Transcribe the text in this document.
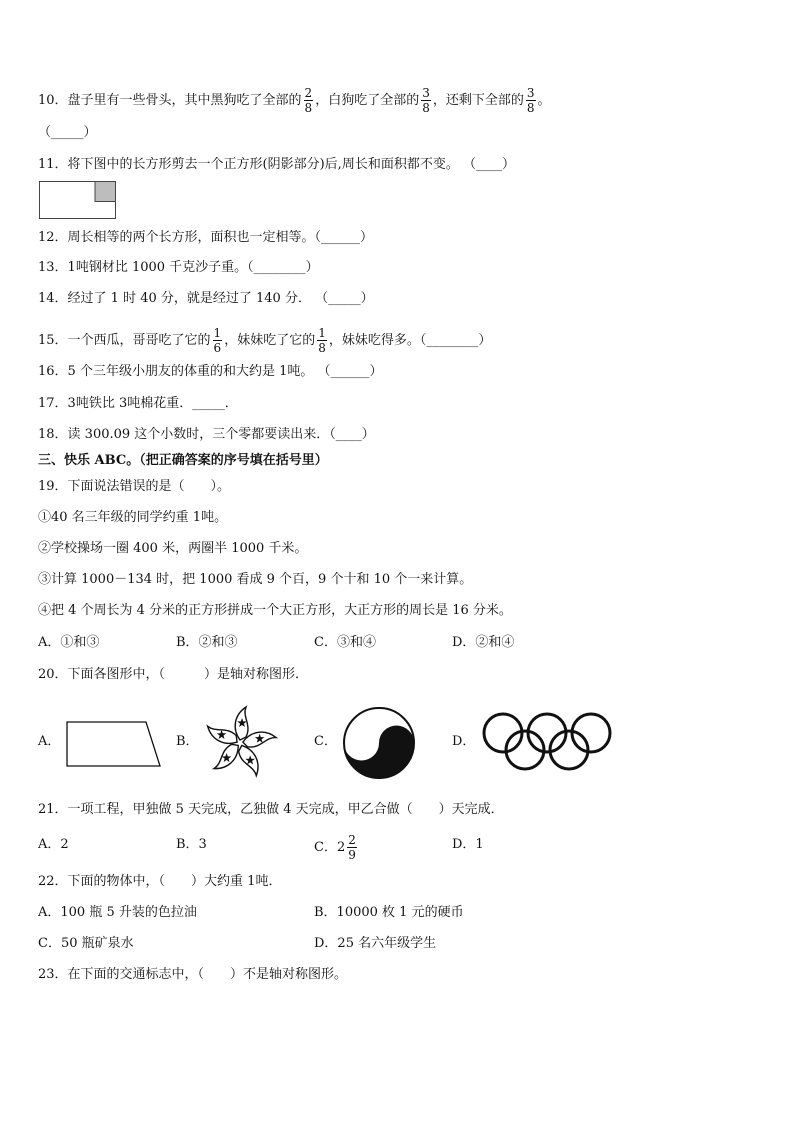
10．盘子里有一些骨头，其中黑狗吃了全部的 $\frac{2}{8}$ ，白狗吃了全部的 $\frac{3}{8}$ ，还剩下全部的 $\frac{3}{8}$ 。
（_____）
11．将下图中的长方形剪去一个正方形(阴影部分)后,周长和面积都不变。 （____）
12．周长相等的两个长方形，面积也一定相等。（______）
13．1吨钢材比 1000 千克沙子重。（________）
14．经过了 1 时 40 分，就是经过了 140 分． （_____）
15．一个西瓜，哥哥吃了它的 $\frac{1}{6}$ ，妹妹吃了它的 $\frac{1}{8}$ ，妹妹吃得多。（________）
16．5 个三年级小朋友的体重的和大约是 1吨。 （______）
17．3吨铁比 3吨棉花重．_____．
18．读 300.09 这个小数时，三个零都要读出来．（____）
三、快乐 ABC。（把正确答案的序号填在括号里）
19．下面说法错误的是（　　）。
①40 名三年级的同学约重 1吨。
②学校操场一圈 400 米，两圈半 1000 千米。
③计算 1000－134 时，把 1000 看成 9 个百，9 个十和 10 个一来计算。
④把 4 个周长为 4 分米的正方形拼成一个大正方形，大正方形的周长是 16 分米。
A．①和③	B．②和③	C．③和④	D．②和④
20．下面各图形中，（　　　）是轴对称图形．
A．	B．	C．	D．
21．一项工程，甲独做 5 天完成，乙独做 4 天完成，甲乙合做（　　）天完成．
A．2	B．3	C．$2 \frac{2}{9}$	D．1
22．下面的物体中，（　　）大约重 1吨．
A．100 瓶 5 升装的色拉油	B．10000 枚 1 元的硬币
C．50 瓶矿泉水	D．25 名六年级学生
23．在下面的交通标志中，（　　）不是轴对称图形。
